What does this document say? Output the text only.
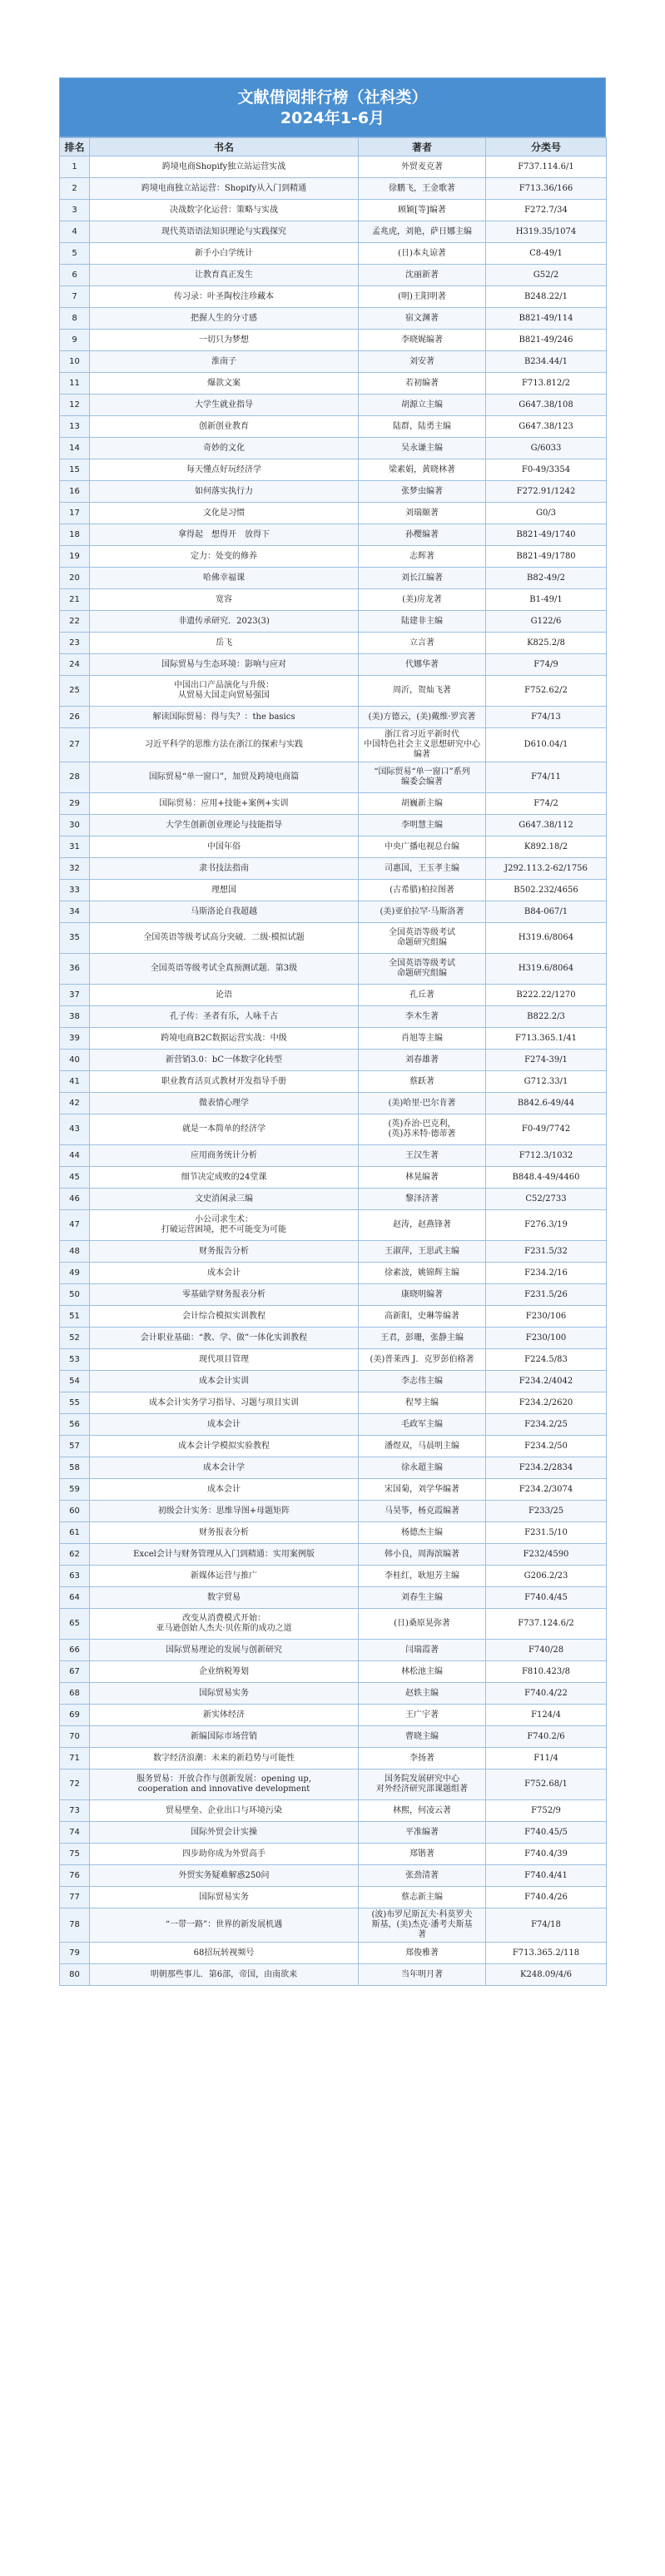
文献借阅排行榜（社科类）
2024年1-6月
排名	书名	著者	分类号
1	跨境电商Shopify独立站运营实战	外贸麦克著	F737.114.6/1
2	跨境电商独立站运营：Shopify从入门到精通	徐鹏飞，王金歌著	F713.36/166
3	决战数字化运营：策略与实战	顾颖[等]编著	F272.7/34
4	现代英语语法知识理论与实践探究	孟兆虎，刘艳，萨日娜主编	H319.35/1074
5	新手小白学统计	(日)本丸谅著	C8-49/1
6	让教育真正发生	沈丽新著	G52/2
7	传习录：叶圣陶校注珍藏本	(明)王阳明著	B248.22/1
8	把握人生的分寸感	宿文渊著	B821-49/114
9	一切只为梦想	李晓娓编著	B821-49/246
10	淮南子	刘安著	B234.44/1
11	爆款文案	若初编著	F713.812/2
12	大学生就业指导	胡源立主编	G647.38/108
13	创新创业教育	陆群，陆勇主编	G647.38/123
14	奇妙的文化	吴永谦主编	G/6033
15	每天懂点好玩经济学	梁素娟，黄晓林著	F0-49/3354
16	如何落实执行力	张梦虫编著	F272.91/1242
17	文化是习惯	刘瑞颐著	G0/3
18	拿得起　想得开　放得下	孙樱编著	B821-49/1740
19	定力：处变的修养	志辉著	B821-49/1780
20	哈佛幸福课	刘长江编著	B82-49/2
21	宽容	(美)房龙著	B1-49/1
22	非遗传承研究．2023(3)	陆建非主编	G122/6
23	岳飞	立言著	K825.2/8
24	国际贸易与生态环境：影响与应对	代娜华著	F74/9
25	中国出口产品演化与升级：
从贸易大国走向贸易强国	周沂，贺灿飞著	F752.62/2
26	解读国际贸易：得与失？：the basics	(美)方德云，(美)戴维·罗宾著	F74/13
27	习近平科学的思维方法在浙江的探索与实践	浙江省习近平新时代
中国特色社会主义思想研究中心
编著	D610.04/1
28	国际贸易“单一窗口”，加贸及跨境电商篇	“国际贸易“单一窗口”系列
编委会编著	F74/11
29	国际贸易：应用+技能+案例+实训	胡巍新主编	F74/2
30	大学生创新创业理论与技能指导	李明慧主编	G647.38/112
31	中国年俗	中央广播电视总台编	K892.18/2
32	隶书技法指南	司惠国，王玉孝主编	J292.113.2-62/1756
33	理想国	(古希腊)柏拉图著	B502.232/4656
34	马斯洛论自我超越	(美)亚伯拉罕·马斯洛著	B84-067/1
35	全国英语等级考试高分突破．二级·模拟试题	全国英语等级考试
命题研究组编	H319.6/8064
36	全国英语等级考试全真预测试题．第3级	全国英语等级考试
命题研究组编	H319.6/8064
37	论语	孔丘著	B222.22/1270
38	孔子传：圣者有乐，人咏千古	李木生著	B822.2/3
39	跨境电商B2C数据运营实战：中级	肖旭等主编	F713.365.1/41
40	新营销3.0：bC一体数字化转型	刘春雄著	F274-39/1
41	职业教育活页式教材开发指导手册	蔡跃著	G712.33/1
42	微表情心理学	(美)哈里·巴尔肯著	B842.6-49/44
43	就是一本简单的经济学	(英)乔治·巴克利，
(英)苏米特·德蒂著	F0-49/7742
44	应用商务统计分析	王汉生著	F712.3/1032
45	细节决定成败的24堂课	林晃编著	B848.4-49/4460
46	文史消闲录三编	黎泽济著	C52/2733
47	小公司求生术：
打破运营困境，把不可能变为可能	赵涛，赵燕锋著	F276.3/19
48	财务报告分析	王淑萍，王思武主编	F231.5/32
49	成本会计	徐素波，姚锦辉主编	F234.2/16
50	零基础学财务报表分析	康晓明编著	F231.5/26
51	会计综合模拟实训教程	高新阳，史琳等编著	F230/106
52	会计职业基础：“教、学、做”一体化实训教程	王君，彭珊，张静主编	F230/100
53	现代项目管理	(美)普莱西 J．克罗彭伯格著	F224.5/83
54	成本会计实训	李志伟主编	F234.2/4042
55	成本会计实务学习指导、习题与项目实训	程琴主编	F234.2/2620
56	成本会计	毛政军主编	F234.2/25
57	成本会计学模拟实验教程	潘煜双，马晨明主编	F234.2/50
58	成本会计学	徐永超主编	F234.2/2834
59	成本会计	宋国菊，刘学华编著	F234.2/3074
60	初级会计实务：思维导图+母题矩阵	马昊筝，杨克霞编著	F233/25
61	财务报表分析	杨德杰主编	F231.5/10
62	Excel会计与财务管理从入门到精通：实用案例版	韩小良，周海滨编著	F232/4590
63	新媒体运营与推广	李桂红，耿旭芳主编	G206.2/23
64	数字贸易	刘春生主编	F740.4/45
65	改变从消费模式开始：
亚马逊创始人杰夫·贝佐斯的成功之道	(日)桑原晃弥著	F737.124.6/2
66	国际贸易理论的发展与创新研究	闫瑞霞著	F740/28
67	企业纳税筹划	林松池主编	F810.423/8
68	国际贸易实务	赵轶主编	F740.4/22
69	新实体经济	王广宇著	F124/4
70	新编国际市场营销	曹晓主编	F740.2/6
71	数字经济浪潮：未来的新趋势与可能性	李扬著	F11/4
72	服务贸易：开放合作与创新发展：opening up,
cooperation and innovative development	国务院发展研究中心
对外经济研究部课题组著	F752.68/1
73	贸易壁垒、企业出口与环境污染	林熙，何凌云著	F752/9
74	国际外贸会计实操	平准编著	F740.45/5
75	四步助你成为外贸高手	郑锴著	F740.4/39
76	外贸实务疑难解惑250问	张劲清著	F740.4/41
77	国际贸易实务	蔡志新主编	F740.4/26
78	“一带一路”：世界的新发展机遇	(波)布罗尼斯瓦夫·科莫罗夫
斯基，(美)杰克·潘考夫斯基
著	F74/18
79	68招玩转视频号	郑俊雅著	F713.365.2/118
80	明朝那些事儿．第6部，帝国，由南欲来	当年明月著	K248.09/4/6
